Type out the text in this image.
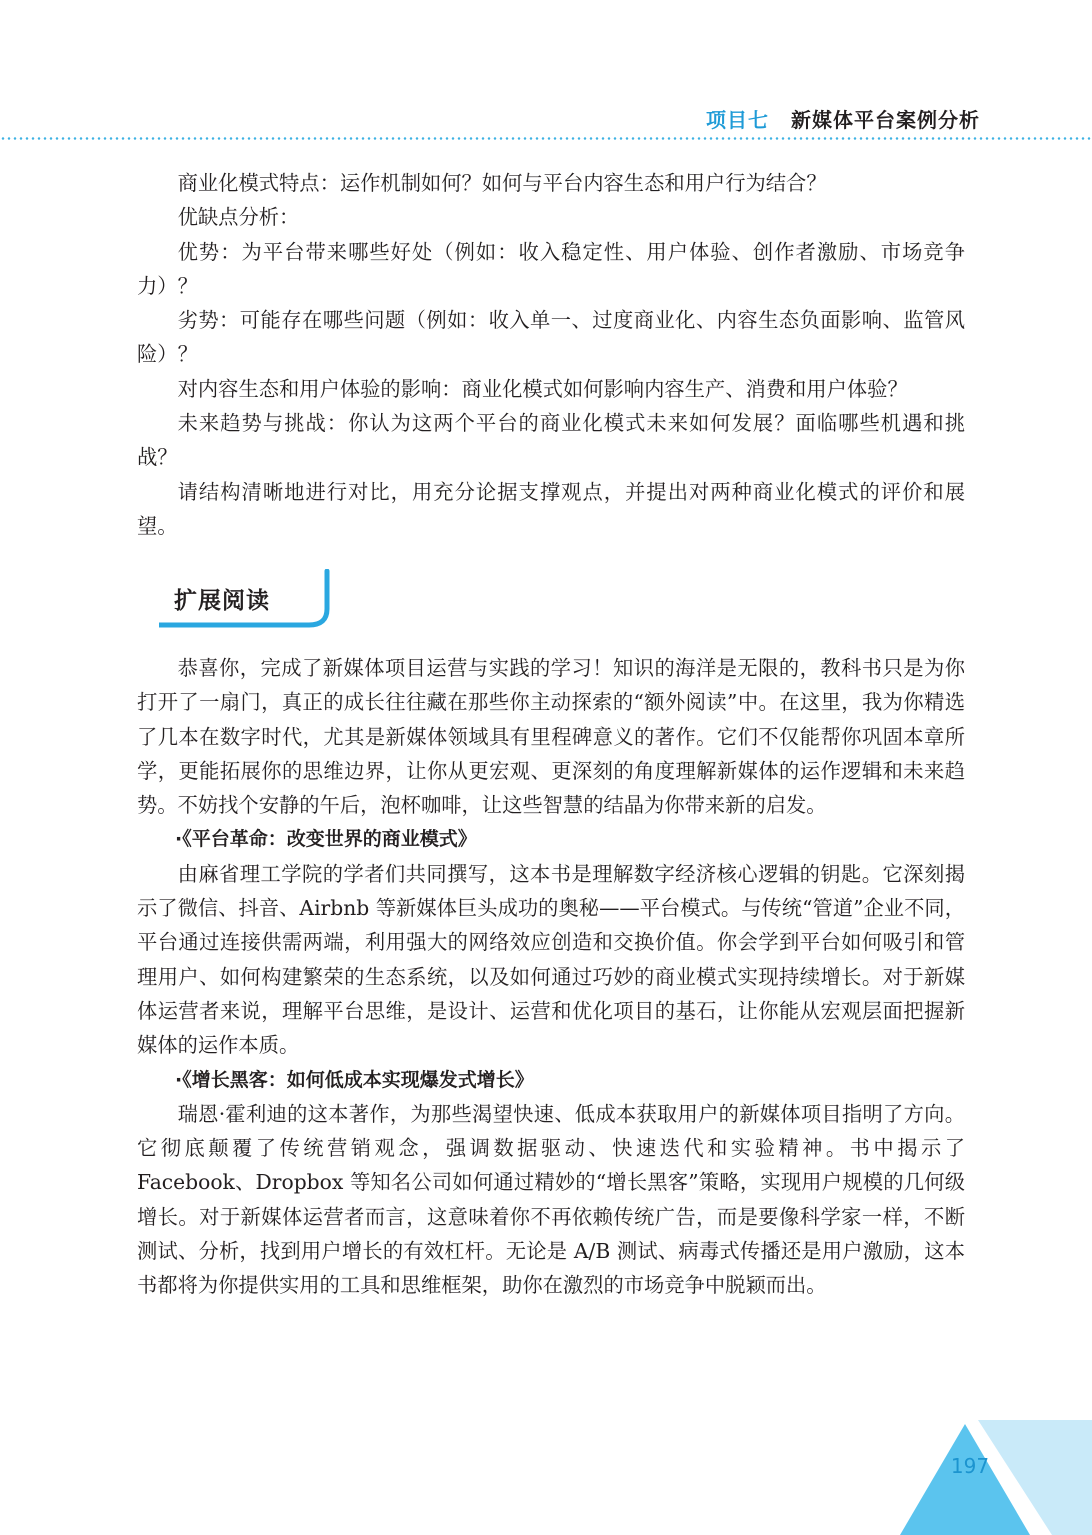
项目七 新媒体平台案例分析

商业化模式特点：运作机制如何？如何与平台内容生态和用户行为结合？

优缺点分析：

优势：为平台带来哪些好处（例如：收入稳定性、用户体验、创作者激励、市场竞争力）？

劣势：可能存在哪些问题（例如：收入单一、过度商业化、内容生态负面影响、监管风险）？

对内容生态和用户体验的影响：商业化模式如何影响内容生产、消费和用户体验？

未来趋势与挑战：你认为这两个平台的商业化模式未来如何发展？面临哪些机遇和挑战？

请结构清晰地进行对比，用充分论据支撑观点，并提出对两种商业化模式的评价和展望。

扩展阅读

恭喜你，完成了新媒体项目运营与实践的学习！知识的海洋是无限的，教科书只是为你打开了一扇门，真正的成长往往藏在那些你主动探索的“额外阅读”中。在这里，我为你精选了几本在数字时代，尤其是新媒体领域具有里程碑意义的著作。它们不仅能帮你巩固本章所学，更能拓展你的思维边界，让你从更宏观、更深刻的角度理解新媒体的运作逻辑和未来趋势。不妨找个安静的午后，泡杯咖啡，让这些智慧的结晶为你带来新的启发。

·《平台革命：改变世界的商业模式》

由麻省理工学院的学者们共同撰写，这本书是理解数字经济核心逻辑的钥匙。它深刻揭示了微信、抖音、Airbnb 等新媒体巨头成功的奥秘——平台模式。与传统“管道”企业不同，平台通过连接供需两端，利用强大的网络效应创造和交换价值。你会学到平台如何吸引和管理用户、如何构建繁荣的生态系统，以及如何通过巧妙的商业模式实现持续增长。对于新媒体运营者来说，理解平台思维，是设计、运营和优化项目的基石，让你能从宏观层面把握新媒体的运作本质。

·《增长黑客：如何低成本实现爆发式增长》

瑞恩·霍利迪的这本著作，为那些渴望快速、低成本获取用户的新媒体项目指明了方向。它彻底颠覆了传统营销观念，强调数据驱动、快速迭代和实验精神。书中揭示了 Facebook、Dropbox 等知名公司如何通过精妙的“增长黑客”策略，实现用户规模的几何级增长。对于新媒体运营者而言，这意味着你不再依赖传统广告，而是要像科学家一样，不断测试、分析，找到用户增长的有效杠杆。无论是 A/B 测试、病毒式传播还是用户激励，这本书都将为你提供实用的工具和思维框架，助你在激烈的市场竞争中脱颖而出。

197
